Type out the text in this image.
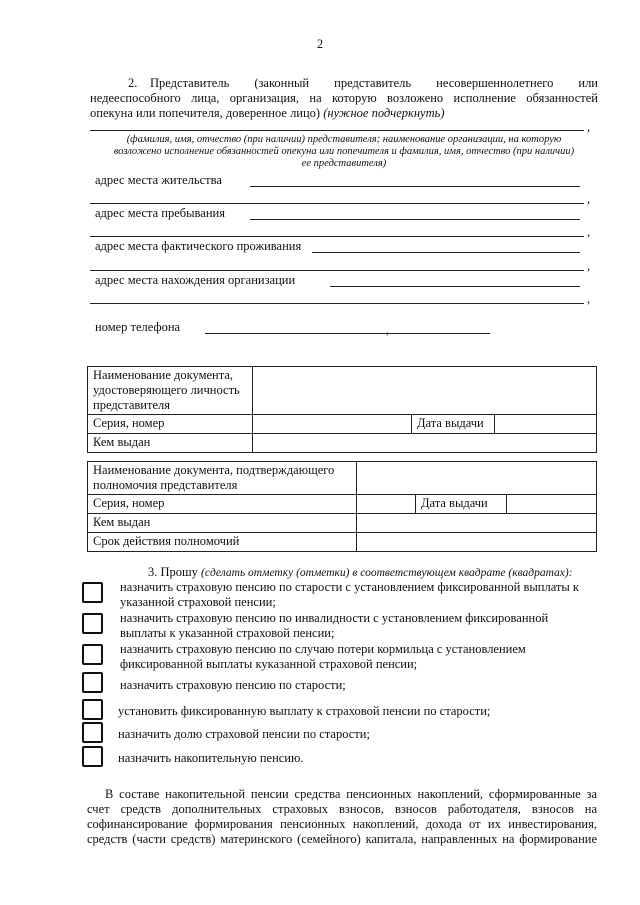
2
2.	Представитель (законный представитель несовершеннолетнего или
недееспособного лица, организация, на которую возложено исполнение обязанностей
опекуна или попечителя, доверенное лицо) (нужное подчеркнуть)
,
(фамилия, имя, отчество (при наличии) представителя; наименование организации, на которую
возложено исполнение обязанностей опекуна или попечителя и фамилия, имя, отчество (при наличии)
ее представителя)
адрес места жительства
,
адрес места пребывания
,
адрес места фактического проживания
,
адрес места нахождения организации
,
номер телефона	,
Наименование документа,
удостоверяющего личность
представителя			

Серия, номер		Дата выдачи	
Кем выдан			
Наименование документа, подтверждающего
полномочия представителя			

Серия, номер		Дата выдачи	
Кем выдан			
Срок действия полномочий			
3. Прошу (сделать отметку (отметки) в соответствующем квадрате (квадратах):
назначить страховую пенсию по старости с установлением фиксированной выплаты к
указанной страховой пенсии;
назначить страховую пенсию по инвалидности с установлением фиксированной
выплаты к указанной страховой пенсии;
назначить страховую пенсию по случаю потери кормильца с установлением
фиксированной выплаты куказанной страховой пенсии;
назначить страховую пенсию по старости;
установить фиксированную выплату к страховой пенсии по старости;
назначить долю страховой пенсии по старости;
назначить накопительную пенсию.
В составе накопительной пенсии средства пенсионных накоплений, сформированные за
счет средств дополнительных страховых взносов, взносов работодателя, взносов на
софинансирование формирования пенсионных накоплений, дохода от их инвестирования,
средств (части средств) материнского (семейного) капитала, направленных на формирование
